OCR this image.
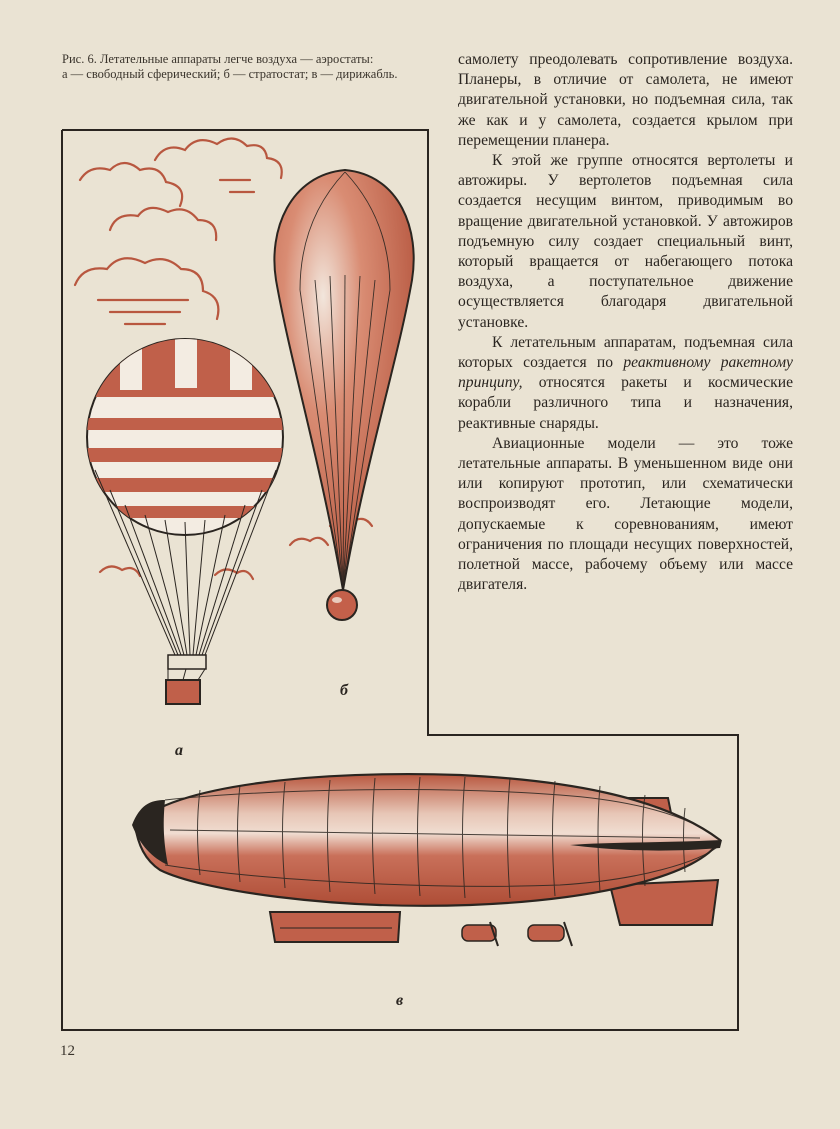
Рис. 6. Летательные аппараты легче воздуха — аэростаты:
а — свободный сферический; б — стратостат; в — дирижабль.

самолету преодолевать сопротивление воздуха. Планеры, в отличие от самолета, не имеют двигательной установки, но подъемная сила, так же как и у самолета, создается крылом при перемещении планера.

К этой же группе относятся вертолеты и автожиры. У вертолетов подъемная сила создается несущим винтом, приводимым во вращение двигательной установкой. У автожиров подъемную силу создает специальный винт, который вращается от набегающего потока воздуха, а поступательное движение осуществляется благодаря двигательной установке.

К летательным аппаратам, подъемная сила которых создается по реактивному ракетному принципу, относятся ракеты и космические корабли различного типа и назначения, реактивные снаряды.

Авиационные модели — это тоже летательные аппараты. В уменьшенном виде они или копируют прототип, или схематически воспроизводят его. Летающие модели, допускаемые к соревнованиям, имеют ограничения по площади несущих поверхностей, полетной массе, рабочему объему или массе двигателя.

б
а
в
12
